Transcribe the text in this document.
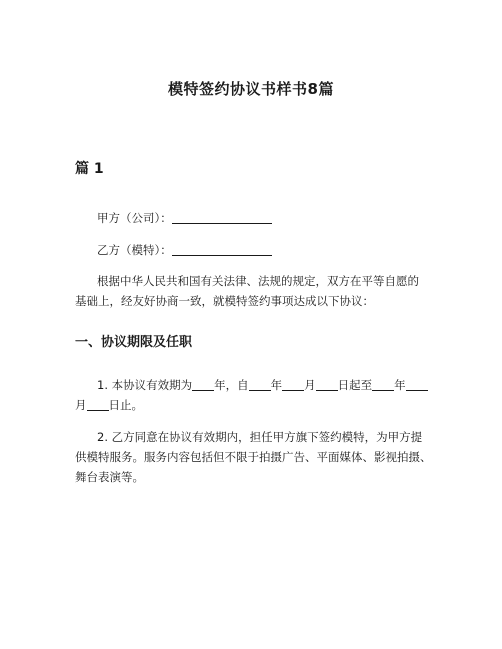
模特签约协议书样书8篇
篇 1
甲方（公司）：
乙方（模特）：
根据中华人民共和国有关法律、法规的规定，双方在平等自愿的
基础上，经友好协商一致，就模特签约事项达成以下协议：
一、协议期限及任职
1. 本协议有效期为 年，自 年 月 日起至 年
月 日止。
2. 乙方同意在协议有效期内，担任甲方旗下签约模特，为甲方提
供模特服务。服务内容包括但不限于拍摄广告、平面媒体、影视拍摄、
舞台表演等。
